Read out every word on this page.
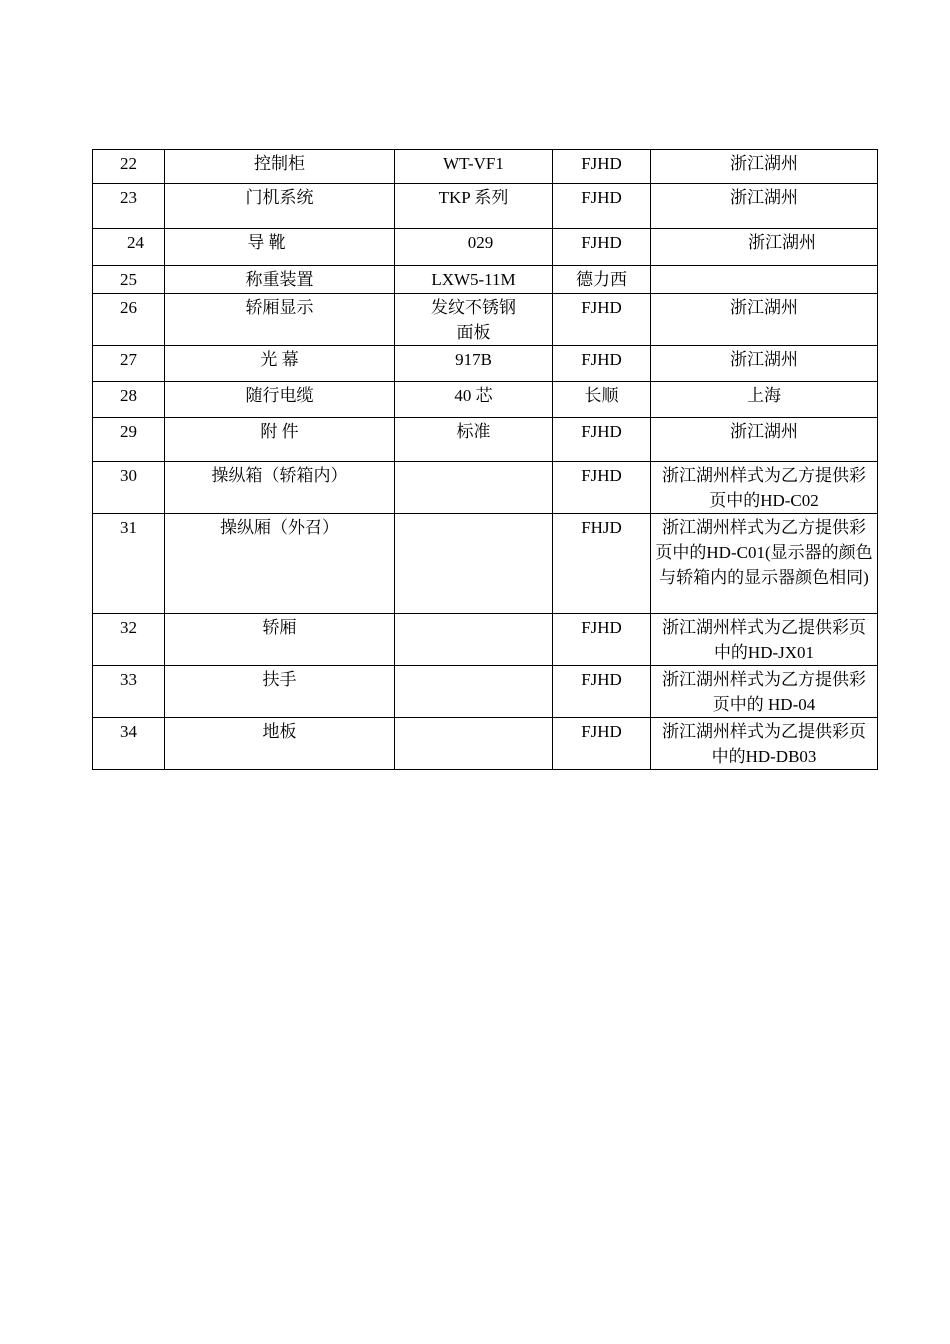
22	控制柜	WT-VF1	FJHD	浙江湖州
23	门机系统	TKP 系列	FJHD	浙江湖州
24	导 靴	029	FJHD	浙江湖州
25	称重装置	LXW5-11M	德力西	
26	轿厢显示	发纹不锈钢面板	FJHD	浙江湖州
27	光 幕	917B	FJHD	浙江湖州
28	随行电缆	40 芯	长顺	上海
29	附 件	标准	FJHD	浙江湖州
30	操纵箱（轿箱内）		FJHD	浙江湖州样式为乙方提供彩页中的HD-C02
31	操纵厢（外召）		FHJD	浙江湖州样式为乙方提供彩页中的HD-C01(显示器的颜色与轿箱内的显示器颜色相同)
32	轿厢		FJHD	浙江湖州样式为乙提供彩页中的HD-JX01
33	扶手		FJHD	浙江湖州样式为乙方提供彩页中的 HD-04
34	地板		FJHD	浙江湖州样式为乙提供彩页中的HD-DB03
